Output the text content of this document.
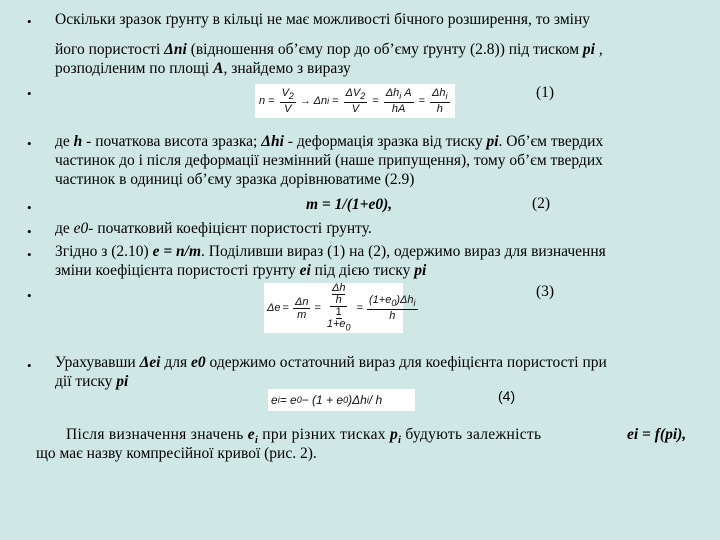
• Оскільки зразок ґрунту в кільці не має можливості бічного розширення, то зміну
його пористості Δni (відношення об’єму пор до об’єму ґрунту (2.8)) під тиском pi ,
розподіленим по площі A, знайдемо з виразу
•	$n = \frac{V_2}{V} \to \Delta n$ $i = \frac{\Delta V_2}{V} = \frac{\Delta h_i A}{hA} = \frac{\Delta h_i}{h}$	(1)
• де h - початкова висота зразка; Δhi - деформація зразка від тиску pi. Об’єм твердих
частинок до і після деформації незмінний (наше припущення), тому об’єм твердих
частинок в одиниці об’єму зразка дорівнюватиме (2.9)
•	m = 1/(1+e0),	(2)
• де e0- початковий коефіцієнт пористості ґрунту.
• Згідно з (2.10) e = n/m. Поділивши вираз (1) на (2), одержимо вираз для визначення
зміни коефіцієнта пористості ґрунту ei під дією тиску pi
•
$\Delta e = \frac{\Delta n}{m} = \Delta h$
h
1
$1+e_0 = \frac{(1+e_0)\Delta h_i}{h}$
(3)
• Урахувавши Δei для e0 одержимо остаточний вираз для коефіцієнта пористості при
дії тиску pi
e i = e 0 − (1 + e 0 )Δh i / h	(4)
Після визначення значень $e_i$ при різних тисках $p_i$ будують залежність	ei = f(pi),
що має назву компресійної кривої (рис. 2).
